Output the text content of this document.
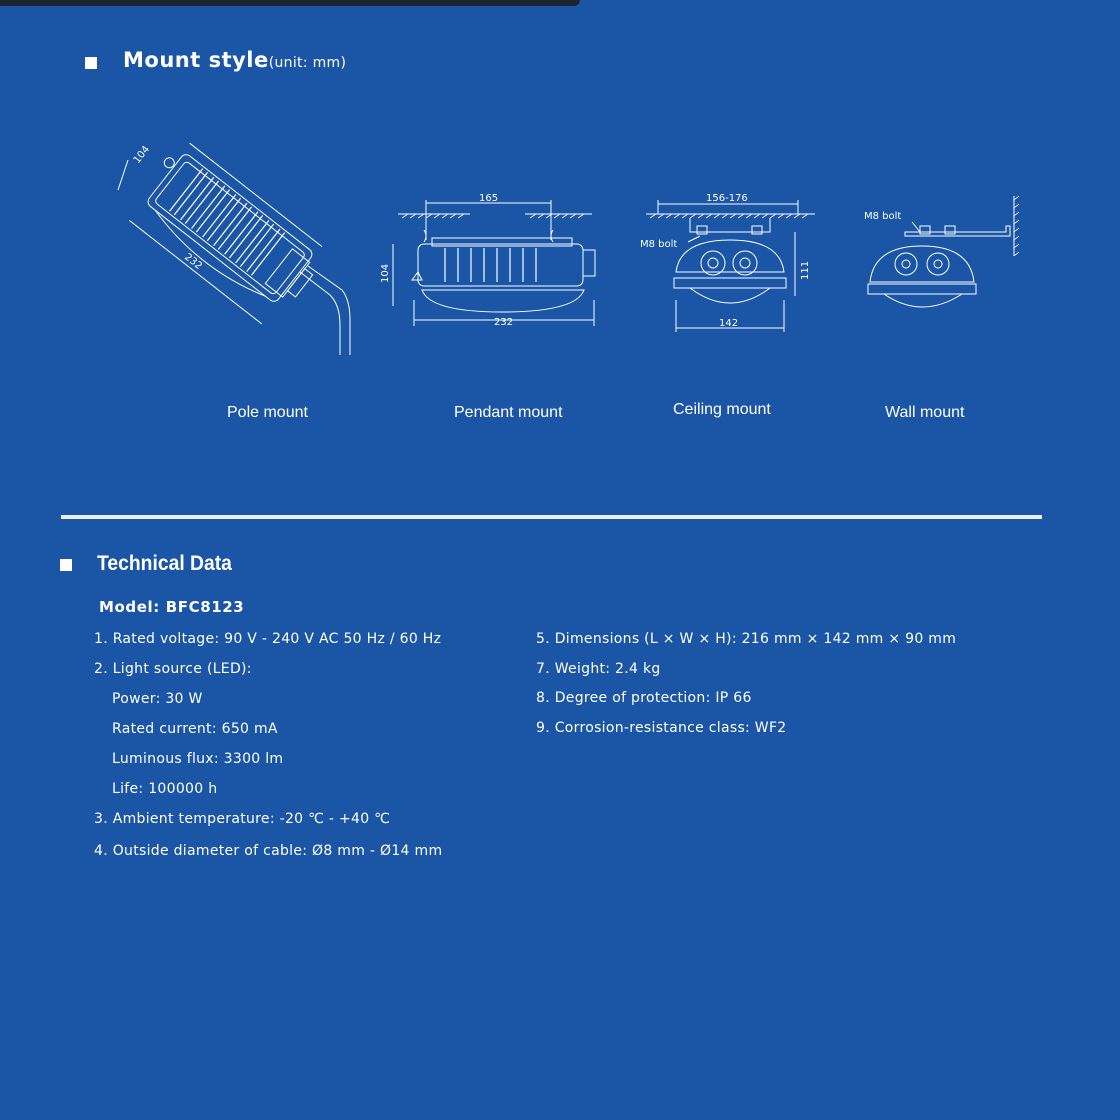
Mount style(unit: mm)
104
232
165
104
232
156-176
M8 bolt
111
142
M8 bolt
Pole mount	Pendant mount	Ceiling mount	Wall mount
Technical Data
Model: BFC8123
1. Rated voltage: 90 V - 240 V AC 50 Hz / 60 Hz
2. Light source (LED):
Power: 30 W
Rated current: 650 mA
Luminous flux: 3300 lm
Life: 100000 h
3. Ambient temperature: -20 ℃ - +40 ℃
4. Outside diameter of cable: Ø8 mm - Ø14 mm
5. Dimensions (L × W × H): 216 mm × 142 mm × 90 mm
7. Weight: 2.4 kg
8. Degree of protection: IP 66
9. Corrosion-resistance class: WF2
